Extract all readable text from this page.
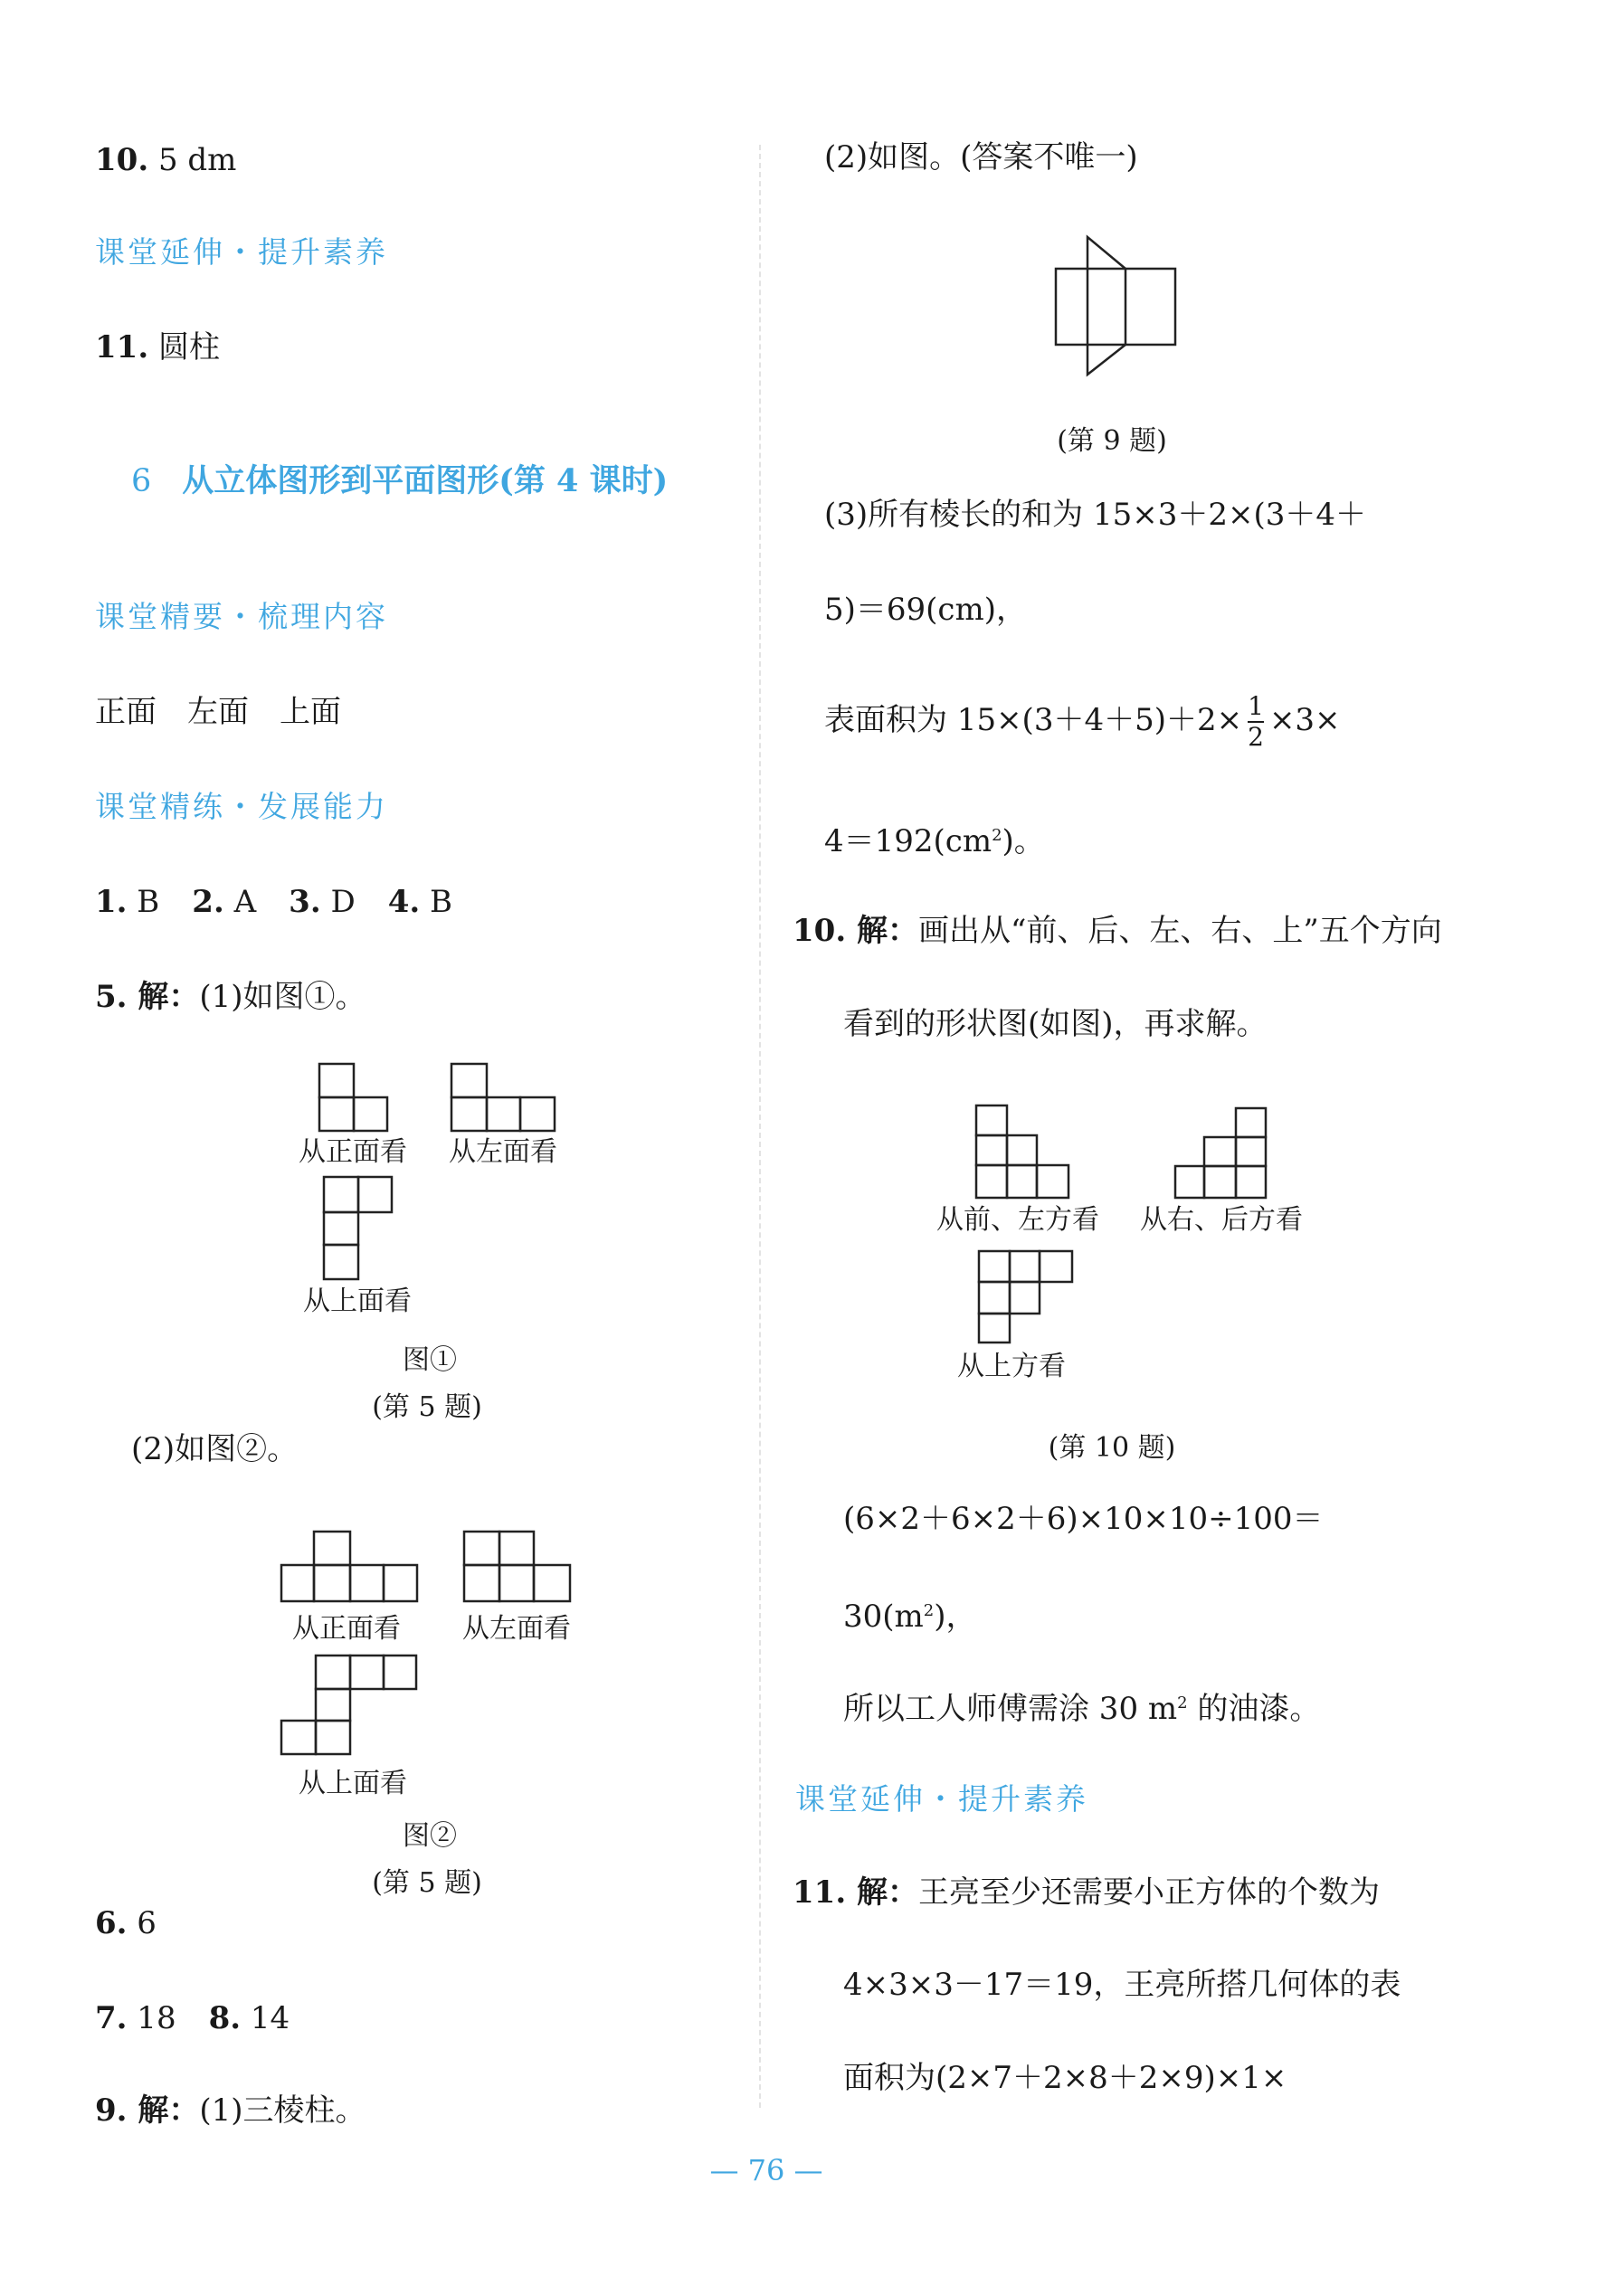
10. 5 dm
课堂延伸・提升素养
11. 圆柱
6 从立体图形到平面图形(第 4 课时)
课堂精要・梳理内容
正面　左面　上面
课堂精练・发展能力
1. B 2. A 3. D 4. B
5. 解：(1)如图①。
从正面看 从左面看
从上面看
图①
(第 5 题)
(2)如图②。
从正面看 从左面看
从上面看
图②
(第 5 题)
6. 6
7. 18 8. 14
9. 解：(1)三棱柱。
(2)如图。(答案不唯一)
(第 9 题)
(3)所有棱长的和为 15×3＋2×(3＋4＋
5)＝69(cm)，
表面积为 $15\times(3+4+5)+2\times \frac{1}{2} \times 3\times$
$4=192(cm^2)$。
10. 解：画出从“前、后、左、右、上”五个方向
看到的形状图(如图)，再求解。
从前、左方看 从右、后方看
从上方看
(第 10 题)
(6×2＋6×2＋6)×10×10÷100＝
$30(m^2)$，
所以工人师傅需涂 30 $m^2$ 的油漆。
课堂延伸・提升素养
11. 解：王亮至少还需要小正方体的个数为
4×3×3－17＝19，王亮所搭几何体的表
面积为(2×7＋2×8＋2×9)×1×
— 76 —
